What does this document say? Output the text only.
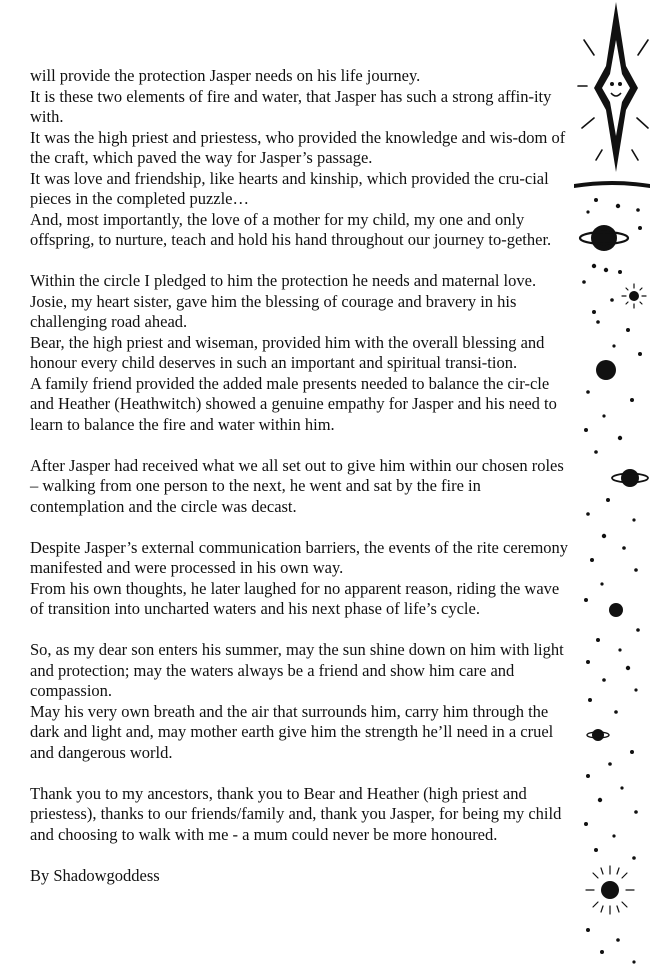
will provide the protection Jasper needs on his life journey.

It is these two elements of fire and water, that Jasper has such a strong affin-ity with.

It was the high priest and priestess, who provided the knowledge and wis-dom of the craft, which paved the way for Jasper’s passage.

It was love and friendship, like hearts and kinship, which provided the cru-cial pieces in the completed puzzle…

And, most importantly, the love of a mother for my child, my one and only offspring, to nurture, teach and hold his hand throughout our journey to-gether.

Within the circle I pledged to him the protection he needs and maternal love. Josie, my heart sister, gave him the blessing of courage and bravery in his challenging road ahead.

Bear, the high priest and wiseman, provided him with the overall blessing and honour every child deserves in such an important and spiritual transi-tion.

A family friend provided the added male presents needed to balance the cir-cle and Heather (Heathwitch) showed a genuine empathy for Jasper and his need to learn to balance the fire and water within him.

After Jasper had received what we all set out to give him within our chosen roles – walking from one person to the next, he went and sat by the fire in contemplation and the circle was decast.

Despite Jasper’s external communication barriers, the events of the rite ceremony manifested and were processed in his own way.

From his own thoughts, he later laughed for no apparent reason, riding the wave of transition into uncharted waters and his next phase of life’s cycle.

So, as my dear son enters his summer, may the sun shine down on him with light and protection; may the waters always be a friend and show him care and compassion.

May his very own breath and the air that surrounds him, carry him through the dark and light and, may mother earth give him the strength he’ll need in a cruel and dangerous world.

Thank you to my ancestors, thank you to Bear and Heather (high priest and priestess), thanks to our friends/family and, thank you Jasper, for being my child and choosing to walk with me - a mum could never be more honoured.

By Shadowgoddess
